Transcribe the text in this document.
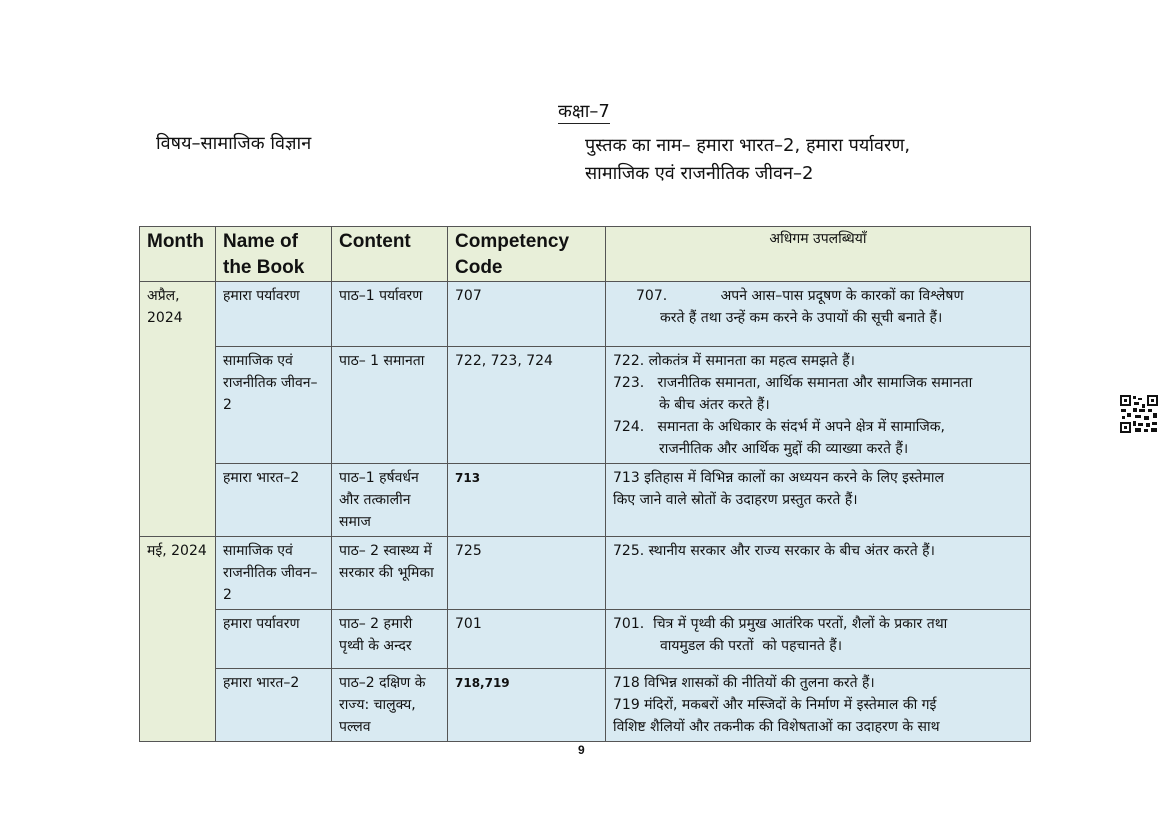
कक्षा–7
विषय–सामाजिक विज्ञान	पुस्तक का नाम– हमारा भारत–2, हमारा पर्यावरण,
सामाजिक एवं राजनीतिक जीवन–2
Month	Name of the Book	Content	Competency Code	अधिगम उपलब्धियाँ
अप्रैल, 2024	हमारा पर्यावरण	पाठ–1 पर्यावरण	707	707.            अपने आस–पास प्रदूषण के कारकों का विश्लेषण
करते हैं तथा उन्हें कम करने के उपायों की सूची बनाते हैं।

	सामाजिक एवं राजनीतिक जीवन–2	पाठ– 1 समानता	722, 723, 724	722. लोकतंत्र में समानता का महत्व समझते हैं।
723.   राजनीतिक समानता, आर्थिक समानता और सामाजिक समानता
के बीच अंतर करते हैं।
724.   समानता के अधिकार के संदर्भ में अपने क्षेत्र में सामाजिक,
राजनीतिक और आर्थिक मुद्दों की व्याख्या करते हैं।

	हमारा भारत–2	पाठ–1 हर्षवर्धन और तत्कालीन समाज	713	713 इतिहास में विभिन्न कालों का अध्ययन करने के लिए इस्तेमाल
किए जाने वाले स्रोतों के उदाहरण प्रस्तुत करते हैं।

मई, 2024	सामाजिक एवं राजनीतिक जीवन–2	पाठ– 2 स्वास्थ्य में सरकार की भूमिका	725	725. स्थानीय सरकार और राज्य सरकार के बीच अंतर करते हैं।

	हमारा पर्यावरण	पाठ– 2 हमारी पृथ्वी के अन्दर	701	701.  चित्र में पृथ्वी की प्रमुख आतंरिक परतों, शैलों के प्रकार तथा
वायमुडल की परतों  को पहचानते हैं।

	हमारा भारत–2	पाठ–2 दक्षिण के राज्य: चालुक्य, पल्लव	718,719	718 विभिन्न शासकों की नीतियों की तुलना करते हैं।
719 मंदिरों, मकबरों और मस्जिदों के निर्माण में इस्तेमाल की गई
विशिष्ट शैलियों और तकनीक की विशेषताओं का उदाहरण के साथ
9
